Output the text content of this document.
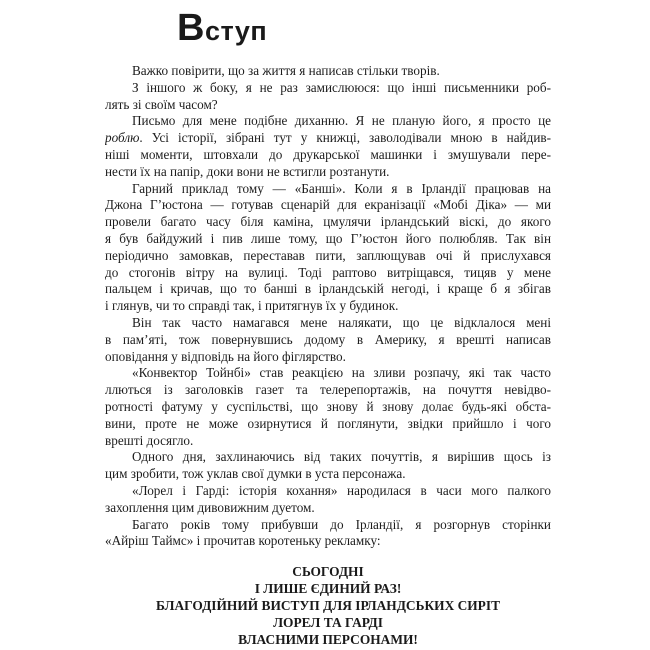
В ступ
Важко повірити, що за життя я написав стільки творів.
З іншого ж боку, я не раз замислююся: що інші письменники роб-
лять зі своїм часом?
Письмо для мене подібне диханню. Я не планую його, я просто це
роблю. Усі історії, зібрані тут у книжці, заволодівали мною в найдив-
ніші моменти, штовхали до друкарської машинки і змушували пере-
нести їх на папір, доки вони не встигли розтанути.
Гарний приклад тому — «Банші». Коли я в Ірландії працював на
Джона Г’юстона — готував сценарій для екранізації «Мобі Діка» — ми
провели багато часу біля каміна, цмулячи ірландський віскі, до якого
я був байдужий і пив лише тому, що Г’юстон його полюбляв. Так він
періодично замовкав, переставав пити, заплющував очі й прислухався
до стогонів вітру на вулиці. Тоді раптово витріщався, тицяв у мене
пальцем і кричав, що то банші в ірландській негоді, і краще б я збігав
і глянув, чи то справді так, і притягнув їх у будинок.
Він так часто намагався мене налякати, що це відклалося мені
в пам’яті, тож повернувшись додому в Америку, я врешті написав
оповідання у відповідь на його фіглярство.
«Конвектор Тойнбі» став реакцією на зливи розпачу, які так часто
ллються із заголовків газет та телерепортажів, на почуття невідво-
ротності фатуму у суспільстві, що знову й знову долає будь-які обста-
вини, проте не може озирнутися й поглянути, звідки прийшло і чого
врешті досягло.
Одного дня, захлинаючись від таких почуттів, я вирішив щось із
цим зробити, тож уклав свої думки в уста персонажа.
«Лорел і Гарді: історія кохання» народилася в часи мого палкого
захоплення цим дивовижним дуетом.
Багато років тому прибувши до Ірландії, я розгорнув сторінки
«Айріш Таймс» і прочитав коротеньку рекламку:
СЬОГОДНІ
І ЛИШЕ ЄДИНИЙ РАЗ!
БЛАГОДІЙНИЙ ВИСТУП ДЛЯ ІРЛАНДСЬКИХ СИРІТ
ЛОРЕЛ ТА ГАРДІ
ВЛАСНИМИ ПЕРСОНАМИ!
